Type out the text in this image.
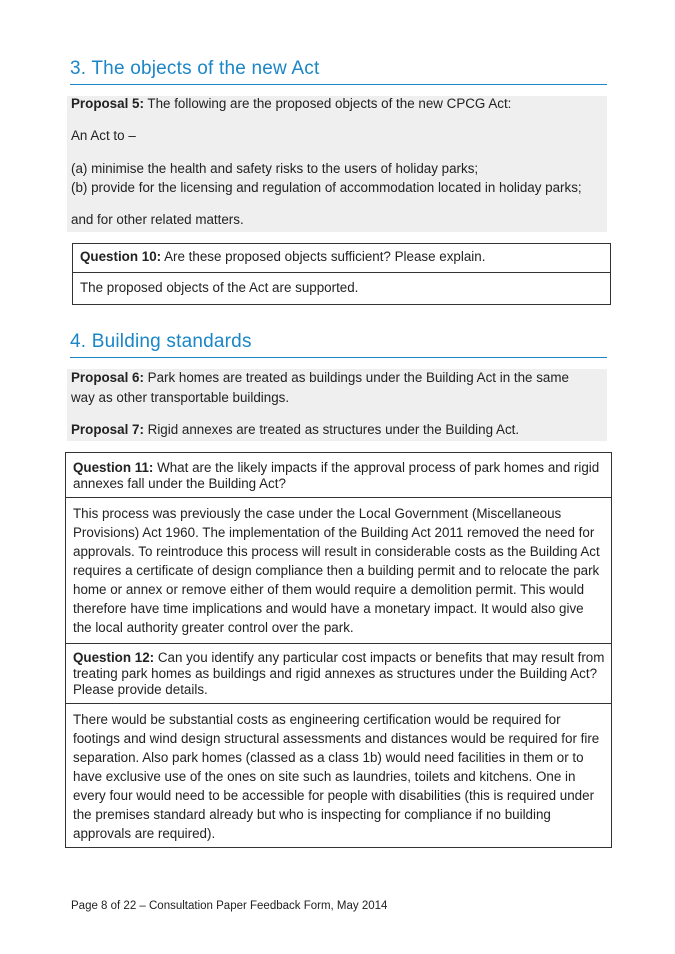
3. The objects of the new Act
Proposal 5: The following are the proposed objects of the new CPCG Act:
An Act to –
(a) minimise the health and safety risks to the users of holiday parks;
(b) provide for the licensing and regulation of accommodation located in holiday parks;
and for other related matters.
Question 10: Are these proposed objects sufficient? Please explain.
The proposed objects of the Act are supported.
4. Building standards
Proposal 6: Park homes are treated as buildings under the Building Act in the same
way as other transportable buildings.
Proposal 7: Rigid annexes are treated as structures under the Building Act.
Question 11: What are the likely impacts if the approval process of park homes and rigid annexes fall under the Building Act?
This process was previously the case under the Local Government (Miscellaneous Provisions) Act 1960. The implementation of the Building Act 2011 removed the need for approvals. To reintroduce this process will result in considerable costs as the Building Act requires a certificate of design compliance then a building permit and to relocate the park home or annex or remove either of them would require a demolition permit. This would therefore have time implications and would have a monetary impact. It would also give the local authority greater control over the park.
Question 12: Can you identify any particular cost impacts or benefits that may result from treating park homes as buildings and rigid annexes as structures under the Building Act? Please provide details.
There would be substantial costs as engineering certification would be required for footings and wind design structural assessments and distances would be required for fire separation. Also park homes (classed as a class 1b) would need facilities in them or to have exclusive use of the ones on site such as laundries, toilets and kitchens. One in every four would need to be accessible for people with disabilities (this is required under the premises standard already but who is inspecting for compliance if no building approvals are required).
Page 8 of 22 – Consultation Paper Feedback Form, May 2014
